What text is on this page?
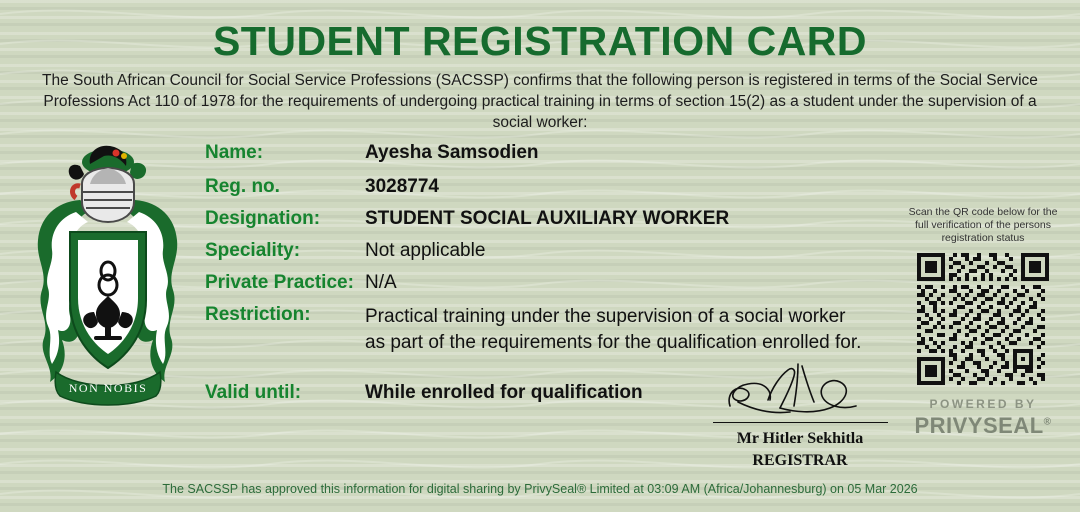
STUDENT REGISTRATION CARD
The South African Council for Social Service Professions (SACSSP) confirms that the following person is registered in terms of the Social Service Professions Act 110 of 1978 for the requirements of undergoing practical training in terms of section 15(2) as a student under the supervision of a social worker:
NON NOBIS
Name:	Ayesha Samsodien
Reg. no.	3028774
Designation:	STUDENT SOCIAL AUXILIARY WORKER
Speciality:	Not applicable
Private Practice: N/A
Restriction:	Practical training under the supervision of a social worker
as part of the requirements for the qualification enrolled for.
Valid until:	While enrolled for qualification
Scan the QR code below for the full verification of the persons registration status
POWERED BY
PRIVYSEAL®
Mr Hitler Sekhitla
REGISTRAR
The SACSSP has approved this information for digital sharing by PrivySeal® Limited at 03:09 AM (Africa/Johannesburg) on 05 Mar 2026
